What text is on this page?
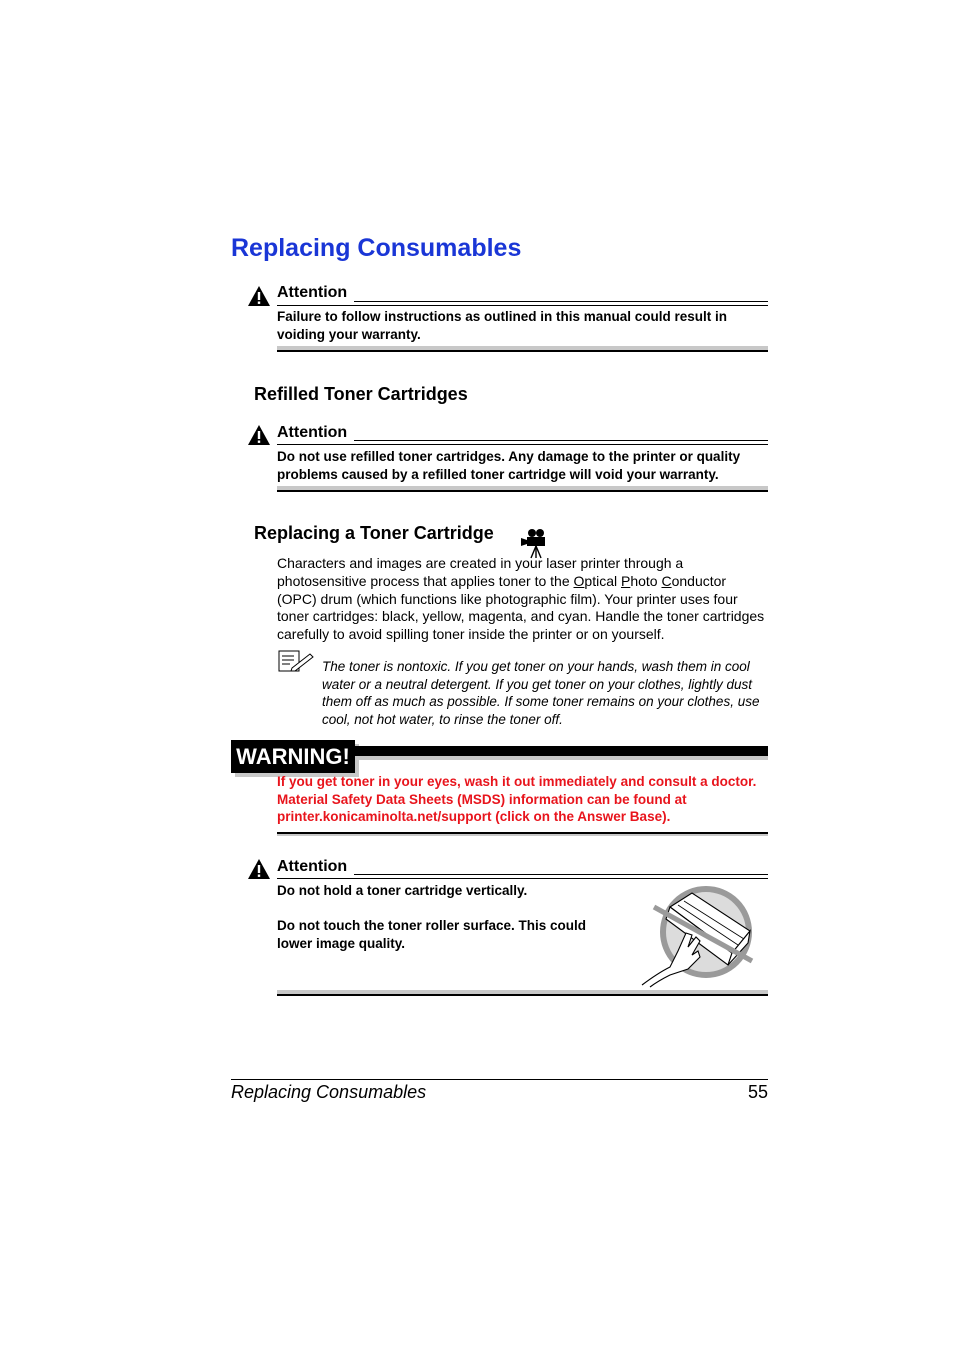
Replacing Consumables
Attention
Failure to follow instructions as outlined in this manual could result in voiding your warranty.
Refilled Toner Cartridges
Attention
Do not use refilled toner cartridges. Any damage to the printer or quality problems caused by a refilled toner cartridge will void your warranty.
Replacing a Toner Cartridge
Characters and images are created in your laser printer through a photosensitive process that applies toner to the Optical Photo Conductor (OPC) drum (which functions like photographic film). Your printer uses four toner cartridges: black, yellow, magenta, and cyan. Handle the toner cartridges carefully to avoid spilling toner inside the printer or on yourself.
The toner is nontoxic. If you get toner on your hands, wash them in cool water or a neutral detergent. If you get toner on your clothes, lightly dust them off as much as possible. If some toner remains on your clothes, use cool, not hot water, to rinse the toner off.
WARNING!
If you get toner in your eyes, wash it out immediately and consult a doctor. Material Safety Data Sheets (MSDS) information can be found at printer.konicaminolta.net/support (click on the Answer Base).
Attention
Do not hold a toner cartridge vertically.
Do not touch the toner roller surface. This could lower image quality.
Replacing Consumables	55
